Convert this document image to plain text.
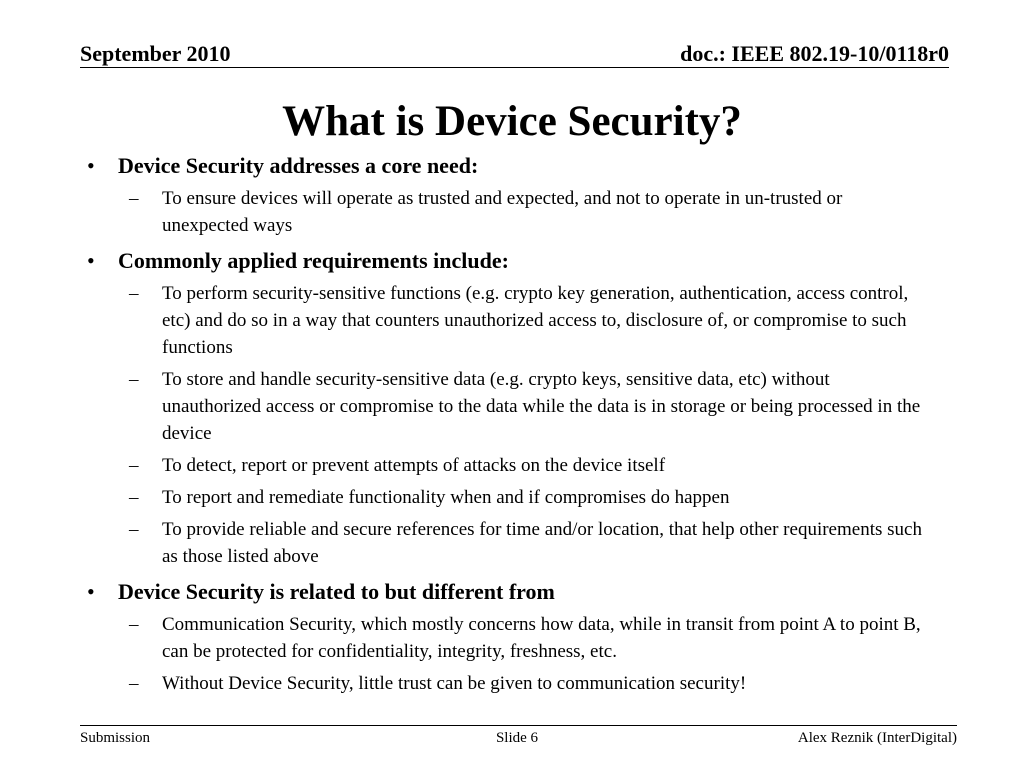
September 2010	doc.: IEEE 802.19-10/0118r0
What is Device Security?
• Device Security addresses a core need:
– To ensure devices will operate as trusted and expected, and not to operate in un-trusted or unexpected ways
• Commonly applied requirements include:
– To perform security-sensitive functions (e.g. crypto key generation, authentication, access control, etc) and do so in a way that counters unauthorized access to, disclosure of, or compromise to such functions
– To store and handle security-sensitive data (e.g. crypto keys, sensitive data, etc) without unauthorized access or compromise to the data while the data is in storage or being processed in the device
– To detect, report or prevent attempts of attacks on the device itself
– To report and remediate functionality when and if compromises do happen
– To provide reliable and secure references for time and/or location, that help other requirements such as those listed above
• Device Security is related to but different from
– Communication Security, which mostly concerns how data, while in transit from point A to point B, can be protected for confidentiality, integrity, freshness, etc.
– Without Device Security, little trust can be given to communication security!
Submission	Slide 6	Alex Reznik (InterDigital)
